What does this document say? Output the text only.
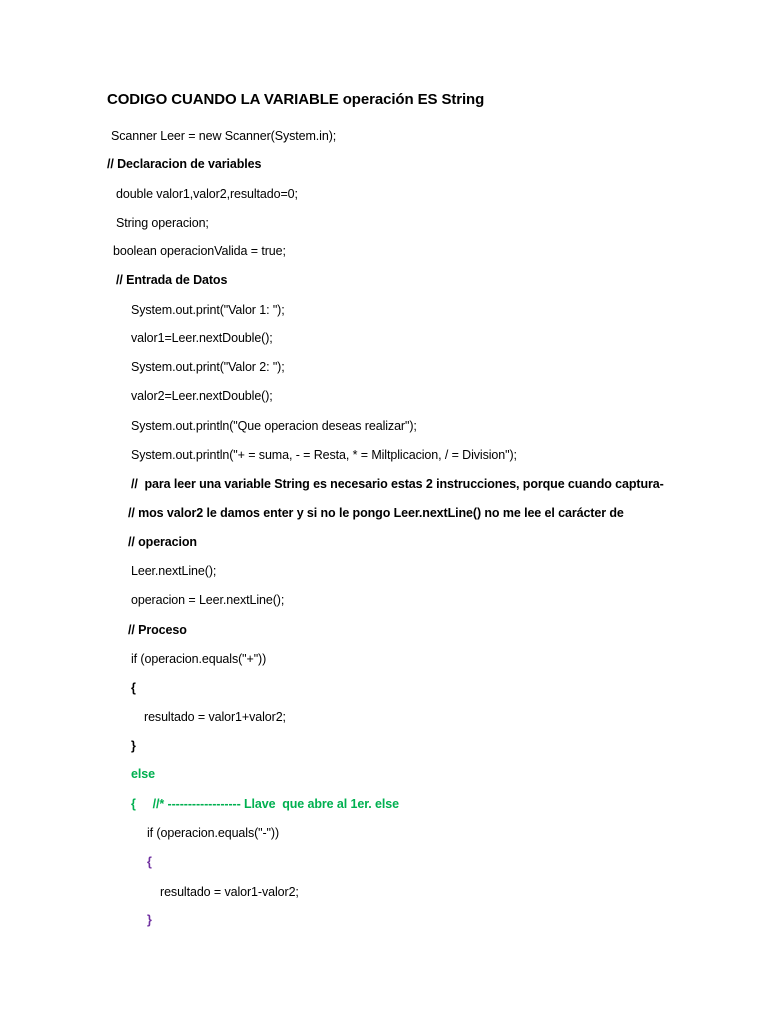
CODIGO CUANDO LA VARIABLE operación ES String
Scanner Leer = new Scanner(System.in);
// Declaracion de variables
double valor1,valor2,resultado=0;
String operacion;
boolean operacionValida = true;
// Entrada de Datos
System.out.print("Valor 1: ");
valor1=Leer.nextDouble();
System.out.print("Valor 2: ");
valor2=Leer.nextDouble();
System.out.println("Que operacion deseas realizar");
System.out.println("+ = suma, - = Resta, * = Miltplicacion, / = Division");
//  para leer una variable String es necesario estas 2 instrucciones, porque cuando captura-
// mos valor2 le damos enter y si no le pongo Leer.nextLine() no me lee el carácter de
// operacion
Leer.nextLine();
operacion = Leer.nextLine();
// Proceso
if (operacion.equals("+"))
{
resultado = valor1+valor2;
}
else
{     //* ------------------ Llave  que abre al 1er. else
if (operacion.equals("-"))
{
resultado = valor1-valor2;
}
